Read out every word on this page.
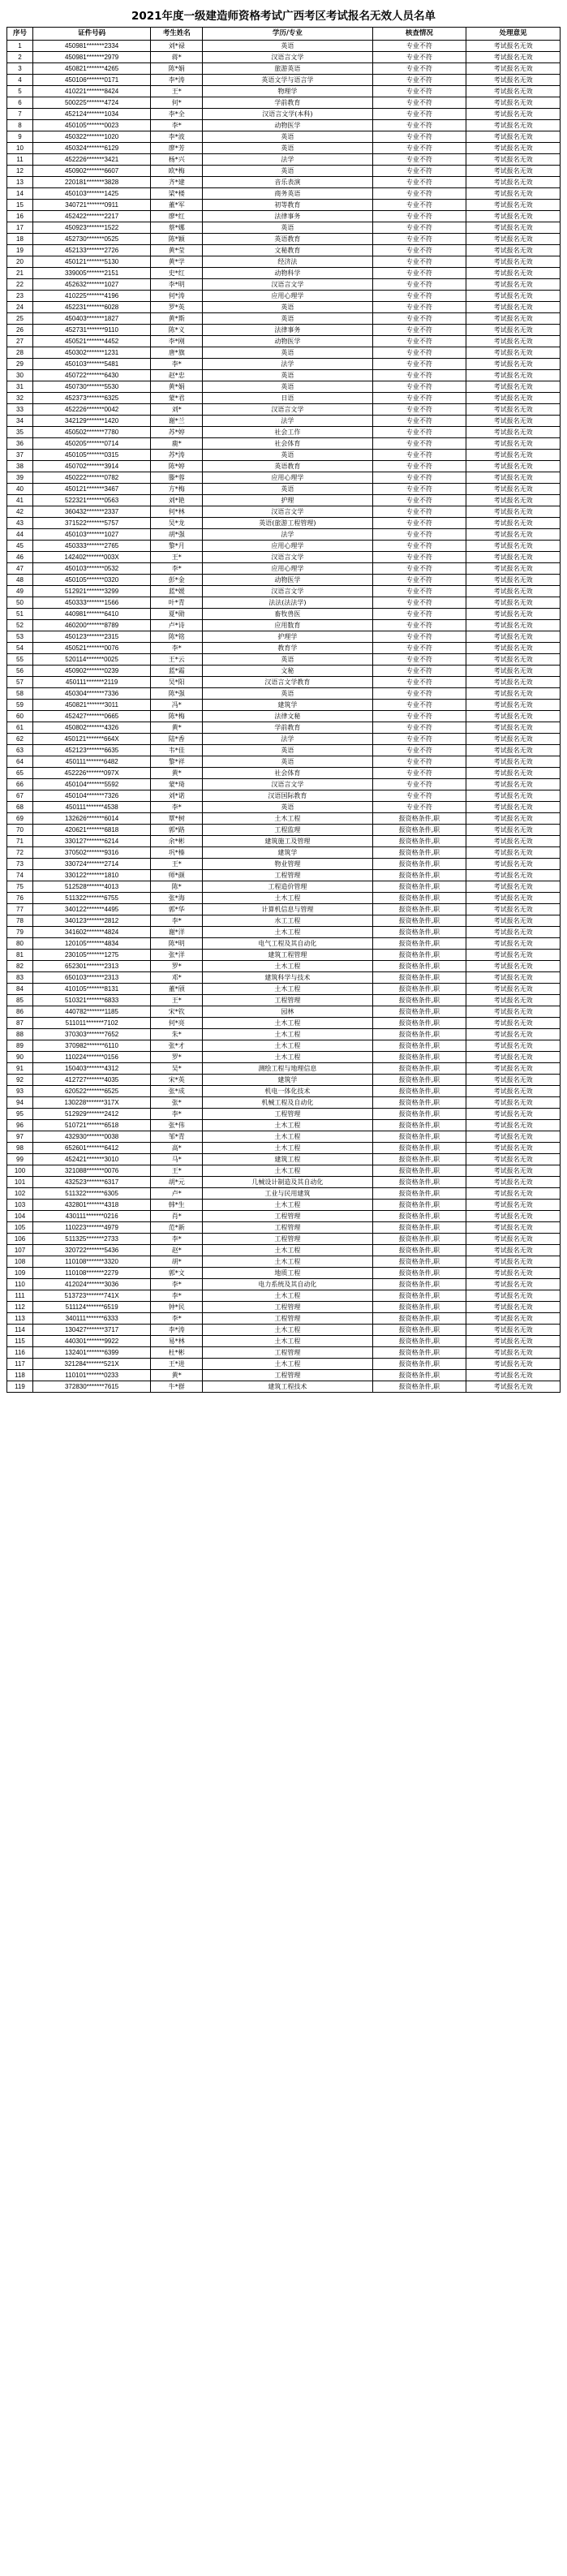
2021年度一级建造师资格考试广西考区考试报名无效人员名单
序号	证件号码	考生姓名	学历/专业	核查情况	处理意见
1	450981*******2334	刘*禄	英语	专业不符	考试报名无效
2	450981*******2979	蒋*	汉语言文学	专业不符	考试报名无效
3	450821*******4265	陈*娟	旅游英语	专业不符	考试报名无效
4	450106*******0171	李*涛	英语文学与语言学	专业不符	考试报名无效
5	410221*******8424	王*	物理学	专业不符	考试报名无效
6	500225*******4724	何*	学前教育	专业不符	考试报名无效
7	452124*******1034	李*全	汉语言文学(本科)	专业不符	考试报名无效
8	450105*******0023	李*	动物医学	专业不符	考试报名无效
9	450322*******1020	李*波	英语	专业不符	考试报名无效
10	450324*******6129	廖*芳	英语	专业不符	考试报名无效
11	452226*******3421	杨*兴	法学	专业不符	考试报名无效
12	450902*******6607	欧*梅	英语	专业不符	考试报名无效
13	220181*******3828	齐*建	音乐表演	专业不符	考试报名无效
14	450103*******1425	梁*楼	商务英语	专业不符	考试报名无效
15	340721*******0911	董*军	初等教育	专业不符	考试报名无效
16	452422*******2217	廖*红	法律事务	专业不符	考试报名无效
17	450923*******1522	蔡*娜	英语	专业不符	考试报名无效
18	452730*******0525	陈*颖	英语教育	专业不符	考试报名无效
19	452133*******2726	黄*莹	文秘教育	专业不符	考试报名无效
20	450121*******5130	黄*学	经济法	专业不符	考试报名无效
21	339005*******2151	史*红	动物科学	专业不符	考试报名无效
22	452632*******1027	李*明	汉语言文学	专业不符	考试报名无效
23	410225*******4196	何*涛	应用心理学	专业不符	考试报名无效
24	452231*******6028	罗*英	英语	专业不符	考试报名无效
25	450403*******1827	黄*斯	英语	专业不符	考试报名无效
26	452731*******9110	陈*义	法律事务	专业不符	考试报名无效
27	450521*******4452	李*刚	动物医学	专业不符	考试报名无效
28	450302*******1231	唐*旗	英语	专业不符	考试报名无效
29	450103*******5481	李*	法学	专业不符	考试报名无效
30	450722*******6430	赵*忠	英语	专业不符	考试报名无效
31	450730*******5530	黄*娟	英语	专业不符	考试报名无效
32	452373*******6325	蒙*君	日语	专业不符	考试报名无效
33	452226*******0042	刘*	汉语言文学	专业不符	考试报名无效
34	342129*******1420	谢*兰	法学	专业不符	考试报名无效
35	450502*******7780	苏*婷	社会工作	专业不符	考试报名无效
36	450205*******0714	鹿*	社会体育	专业不符	考试报名无效
37	450105*******0315	苏*涛	英语	专业不符	考试报名无效
38	450702*******3914	陈*婷	英语教育	专业不符	考试报名无效
39	450222*******0782	滕*蓉	应用心理学	专业不符	考试报名无效
40	450121*******3467	方*梅	英语	专业不符	考试报名无效
41	522321*******0563	刘*艳	护理	专业不符	考试报名无效
42	360432*******2337	何*林	汉语言文学	专业不符	考试报名无效
43	371522*******5757	吴*龙	英语(旅游工程管理)	专业不符	考试报名无效
44	450103*******1027	胡*强	法学	专业不符	考试报名无效
45	450333*******2765	黎*月	应用心理学	专业不符	考试报名无效
46	142402*******003X	王*	汉语言文学	专业不符	考试报名无效
47	450103*******0532	李*	应用心理学	专业不符	考试报名无效
48	450105*******0320	彭*金	动物医学	专业不符	考试报名无效
49	512921*******3299	蓝*媛	汉语言文学	专业不符	考试报名无效
50	450333*******1566	叶*青	法法(法法学)	专业不符	考试报名无效
51	440981*******6410	夏*勋	畜牧兽医	专业不符	考试报名无效
52	460200*******8789	卢*诗	应用数育	专业不符	考试报名无效
53	450123*******2315	陈*铭	护理学	专业不符	考试报名无效
54	450521*******0076	李*	教育学	专业不符	考试报名无效
55	520114*******0025	王*云	英语	专业不符	考试报名无效
56	450902*******0239	蓝*霜	文秘	专业不符	考试报名无效
57	450111*******2119	吴*阳	汉语言文学教育	专业不符	考试报名无效
58	450304*******7336	陈*强	英语	专业不符	考试报名无效
59	450821*******3011	冯*	建筑学	专业不符	考试报名无效
60	452427*******0665	陈*梅	法律文秘	专业不符	考试报名无效
61	450802*******4326	黄*	学前教育	专业不符	考试报名无效
62	450121*******664X	陆*香	法学	专业不符	考试报名无效
63	452123*******6635	韦*佳	英语	专业不符	考试报名无效
64	450111*******6482	黎*祥	英语	专业不符	考试报名无效
65	452226*******097X	黄*	社会体育	专业不符	考试报名无效
66	450104*******5592	蒙*琦	汉语言文学	专业不符	考试报名无效
67	450104*******7326	刘*诺	汉语国际教育	专业不符	考试报名无效
68	450111*******4538	李*	英语	专业不符	考试报名无效
69	132626*******6014	覃*树	土木工程	报资格条件,职	考试报名无效
70	420621*******6818	郭*路	工程监理	报资格条件,职	考试报名无效
71	330127*******6214	余*彬	建筑施工及管理	报资格条件,职	考试报名无效
72	370502*******9316	巩*榛	建筑学	报资格条件,职	考试报名无效
73	330724*******2714	王*	物业管理	报资格条件,职	考试报名无效
74	330122*******1810	师*颜	工程管理	报资格条件,职	考试报名无效
75	512528*******4013	陈*	工程造价管理	报资格条件,职	考试报名无效
76	511322*******6755	张*海	土木工程	报资格条件,职	考试报名无效
77	340122*******4495	郭*华	计算机信息与管理	报资格条件,职	考试报名无效
78	340123*******2812	李*	水工工程	报资格条件,职	考试报名无效
79	341602*******4824	谢*洋	土木工程	报资格条件,职	考试报名无效
80	120105*******4834	陈*明	电气工程及其自动化	报资格条件,职	考试报名无效
81	230105*******1275	张*洋	建筑工程管理	报资格条件,职	考试报名无效
82	652301*******2313	罗*	土木工程	报资格条件,职	考试报名无效
83	650103*******2313	邓*	建筑科学与技术	报资格条件,职	考试报名无效
84	410105*******8131	董*颀	土木工程	报资格条件,职	考试报名无效
85	510321*******6833	王*	工程管理	报资格条件,职	考试报名无效
86	440782*******1185	宋*钦	园林	报资格条件,职	考试报名无效
87	511011*******7102	何*亮	土木工程	报资格条件,职	考试报名无效
88	370303*******7652	朱*	土木工程	报资格条件,职	考试报名无效
89	370982*******6110	张*才	土木工程	报资格条件,职	考试报名无效
90	110224*******0156	罗*	土木工程	报资格条件,职	考试报名无效
91	150403*******4312	吴*	测绘工程与地理信息	报资格条件,职	考试报名无效
92	412727*******4035	宋*英	建筑学	报资格条件,职	考试报名无效
93	620522*******6525	张*成	机电一体化技术	报资格条件,职	考试报名无效
94	130228*******317X	张*	机械工程及自动化	报资格条件,职	考试报名无效
95	512929*******2412	李*	工程管理	报资格条件,职	考试报名无效
96	510721*******6518	张*伟	土木工程	报资格条件,职	考试报名无效
97	432930*******0038	邹*青	土木工程	报资格条件,职	考试报名无效
98	652601*******6412	高*	土木工程	报资格条件,职	考试报名无效
99	452421*******3010	马*	建筑工程	报资格条件,职	考试报名无效
100	321088*******0076	王*	土木工程	报资格条件,职	考试报名无效
101	432523*******6317	胡*元	几械设计制造及其自动化	报资格条件,职	考试报名无效
102	511322*******6305	卢*	工业与民用建筑	报资格条件,职	考试报名无效
103	432801*******4318	韩*生	土木工程	报资格条件,职	考试报名无效
104	430111*******0216	肖*	工程管理	报资格条件,职	考试报名无效
105	110223*******4979	范*新	工程管理	报资格条件,职	考试报名无效
106	511325*******2733	李*	工程管理	报资格条件,职	考试报名无效
107	320722*******5436	赵*	土木工程	报资格条件,职	考试报名无效
108	110108*******3320	胡*	土木工程	报资格条件,职	考试报名无效
109	110108*******2279	郭*文	地质工程	报资格条件,职	考试报名无效
110	412024*******3036	李*	电力系统及其自动化	报资格条件,职	考试报名无效
111	513723*******741X	李*	土木工程	报资格条件,职	考试报名无效
112	511124*******6519	钟*民	工程管理	报资格条件,职	考试报名无效
113	340111*******6333	李*	工程管理	报资格条件,职	考试报名无效
114	130427*******3717	李*涛	土木工程	报资格条件,职	考试报名无效
115	440301*******9922	易*林	土木工程	报资格条件,职	考试报名无效
116	132401*******6399	杜*彬	工程管理	报资格条件,职	考试报名无效
117	321284*******521X	王*进	土木工程	报资格条件,职	考试报名无效
118	110101*******0233	黄*	工程管理	报资格条件,职	考试报名无效
119	372830*******7615	牛*群	建筑工程技术	报资格条件,职	考试报名无效
